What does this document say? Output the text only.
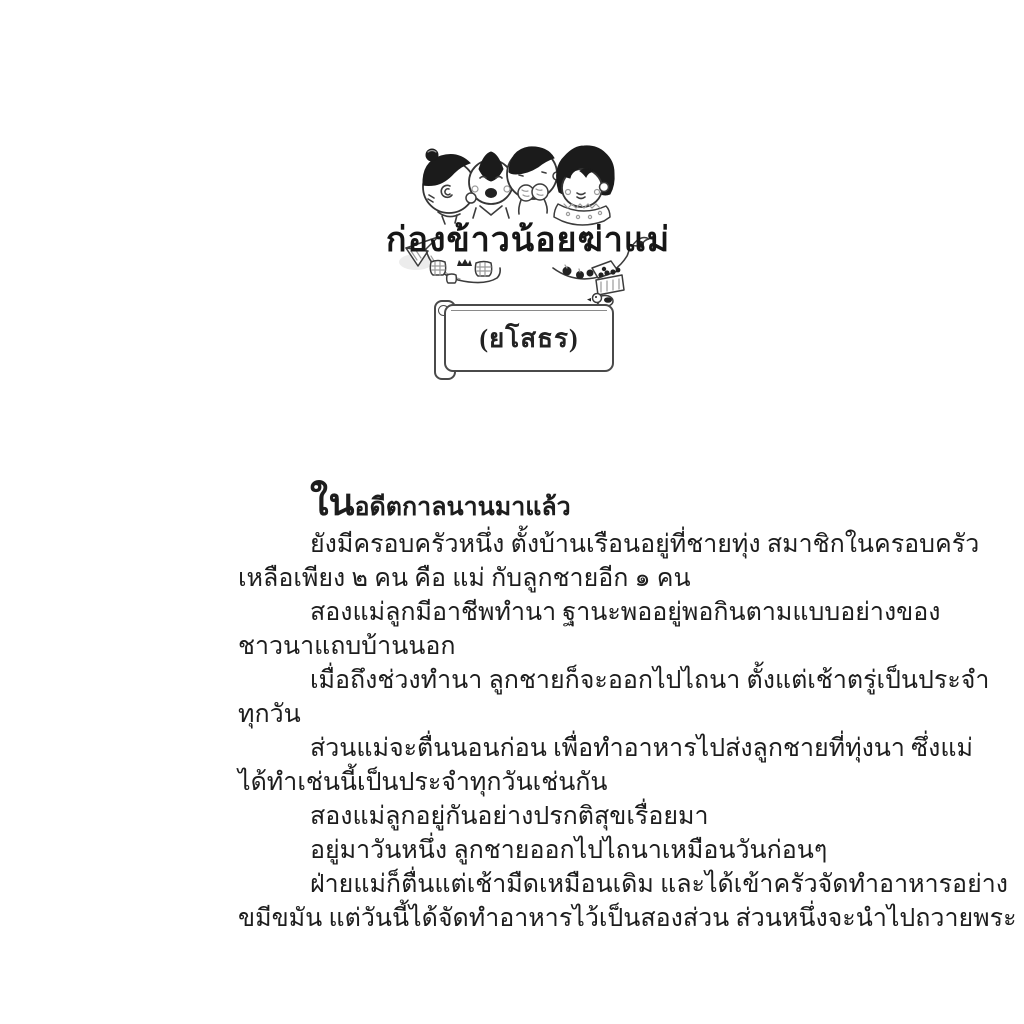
ก่องข้าวน้อยฆ่าแม่
(ยโสธร)
ในอดีตกาลนานมาแล้ว
ยังมีครอบครัวหนึ่ง ตั้งบ้านเรือนอยู่ที่ชายทุ่ง สมาชิกในครอบครัว
เหลือเพียง ๒ คน คือ แม่ กับลูกชายอีก ๑ คน
สองแม่ลูกมีอาชีพทำนา ฐานะพออยู่พอกินตามแบบอย่างของ
ชาวนาแถบบ้านนอก
เมื่อถึงช่วงทำนา ลูกชายก็จะออกไปไถนา ตั้งแต่เช้าตรู่เป็นประจำ
ทุกวัน
ส่วนแม่จะตื่นนอนก่อน เพื่อทำอาหารไปส่งลูกชายที่ทุ่งนา ซึ่งแม่
ได้ทำเช่นนี้เป็นประจำทุกวันเช่นกัน
สองแม่ลูกอยู่กันอย่างปรกติสุขเรื่อยมา
อยู่มาวันหนึ่ง ลูกชายออกไปไถนาเหมือนวันก่อนๆ
ฝ่ายแม่ก็ตื่นแต่เช้ามืดเหมือนเดิม และได้เข้าครัวจัดทำอาหารอย่าง
ขมีขมัน แต่วันนี้ได้จัดทำอาหารไว้เป็นสองส่วน ส่วนหนึ่งจะนำไปถวายพระ
